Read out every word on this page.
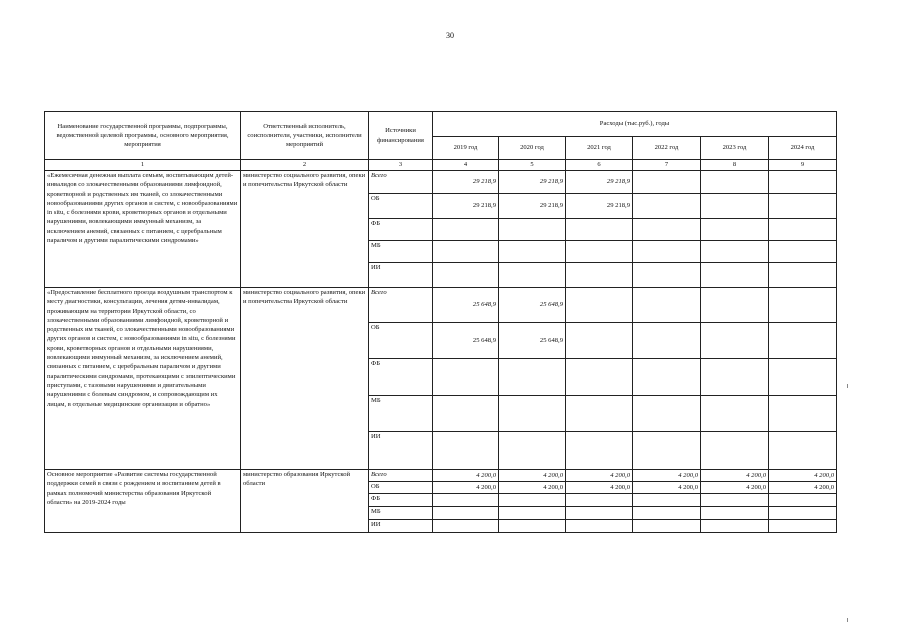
30
Наименование государственной программы, подпрограммы, ведомственной целевой программы, основного мероприятия, мероприятия	Ответственный исполнитель, соисполнители, участники, исполнители мероприятий	Источники финансирования	Расходы (тыс.руб.), годы					
			2019 год	2020 год	2021 год	2022 год	2023 год	2024 год
1	2	3	4	5	6	7	8	9
«Ежемесячная денежная выплата семьям, воспитывающим детей-инвалидов со злокачественными образованиями лимфоидной, кроветворной и родственных им тканей, со злокачественными новообразованиями других органов и систем, с новообразованиями in situ, с болезнями крови, кроветворных органов и отдельными нарушениями, вовлекающими иммунный механизм, за исключением анемий, связанных с питанием, с церебральным параличом и другими паралитическими синдромами»	министерство социального развития, опеки и попечительства Иркутской области	Всего	29 218,9	29 218,9	29 218,9			
		ОБ	29 218,9	29 218,9	29 218,9			
		ФБ						
		МБ						
		ИИ						
«Предоставление бесплатного проезда воздушным транспортом к месту диагностики, консультации, лечения детям-инвалидам, проживающим на территории Иркутской области, со злокачественными образованиями лимфоидной, кроветворной и родственных им тканей, со злокачественными новообразованиями других органов и систем, с новообразованиями in situ, с болезнями крови, кроветворных органов и отдельными нарушениями, вовлекающими иммунный механизм, за исключением анемий, связанных с питанием, с церебральным параличом и другими паралитическими синдромами, протекающими с эпилептическими приступами, с тазовыми нарушениями и двигательными нарушениями с болевым синдромом, и сопровождающим их лицам, в отдельные медицинские организации и обратно»	министерство социального развития, опеки и попечительства Иркутской области	Всего	25 648,9	25 648,9				
		ОБ	25 648,9	25 648,9				
		ФБ						
		МБ						
		ИИ						
Основное мероприятие «Развитие системы государственной поддержки семей в связи с рождением и воспитанием детей в рамках полномочий министерства образования Иркутской области» на 2019-2024 годы	министерство образования Иркутской области	Всего	4 200,0	4 200,0	4 200,0	4 200,0	4 200,0	4 200,0
		ОБ	4 200,0	4 200,0	4 200,0	4 200,0	4 200,0	4 200,0
		ФБ						
		МБ						
		ИИ						
